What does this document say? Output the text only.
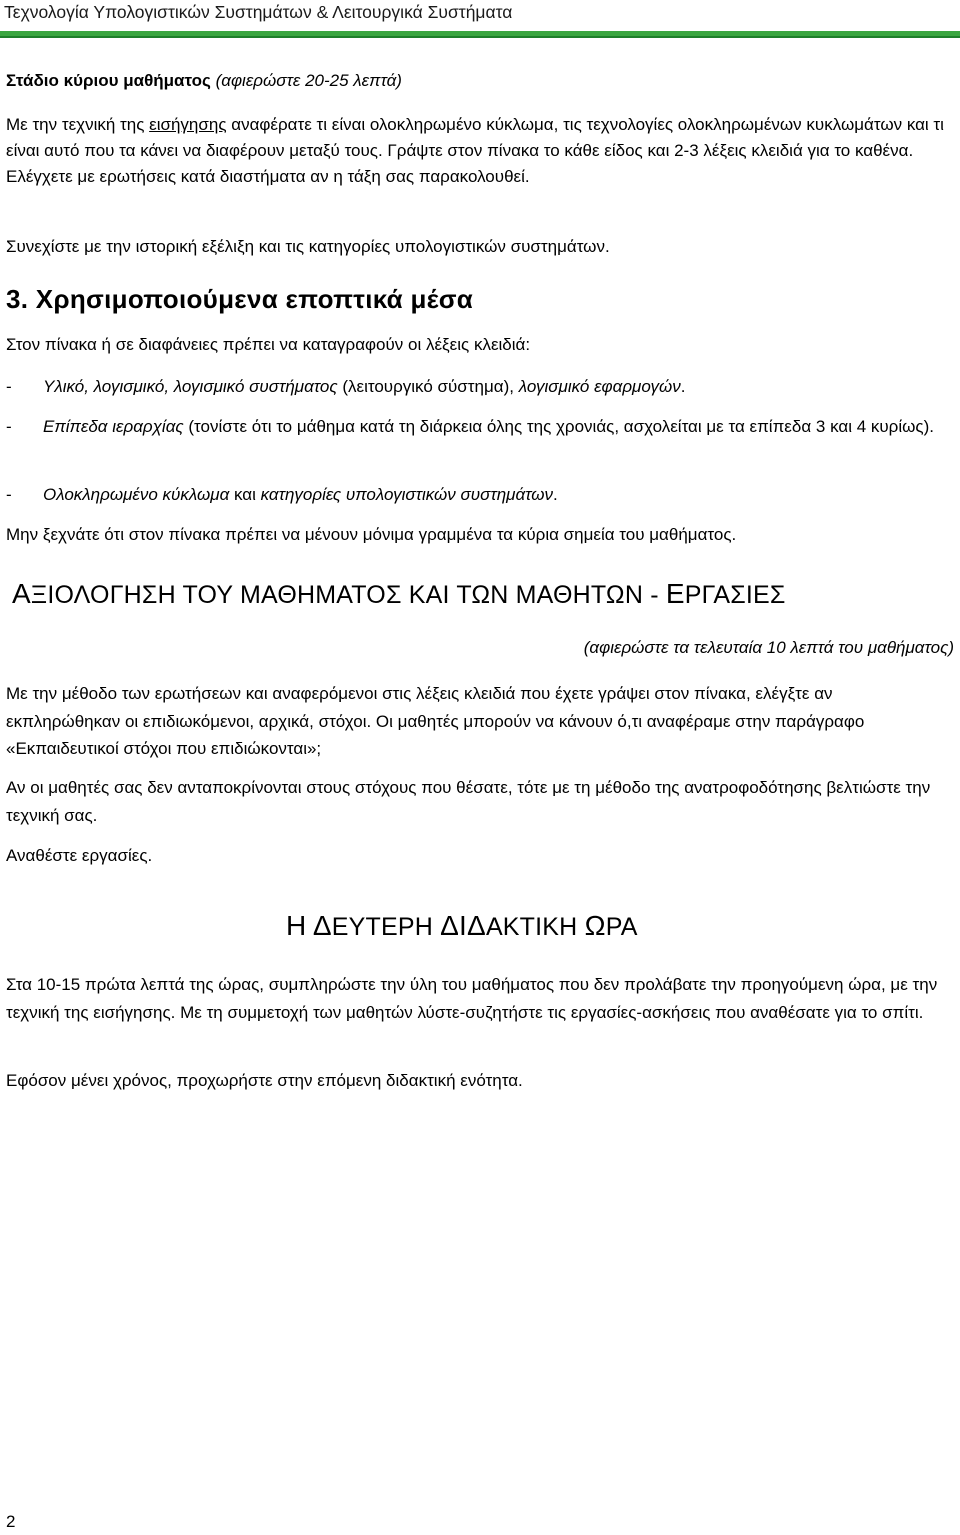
Τεχνολογία Υπολογιστικών Συστημάτων & Λειτουργικά Συστήματα
Στάδιο κύριου μαθήματος (αφιερώστε 20-25 λεπτά)
Με την τεχνική της εισήγησης αναφέρατε τι είναι ολοκληρωμένο κύκλωμα, τις τεχνολογίες ολοκληρωμένων κυκλωμάτων και τι είναι αυτό που τα κάνει να διαφέρουν μεταξύ τους. Γράψτε στον πίνακα το κάθε είδος και 2-3 λέξεις κλειδιά για το καθένα. Ελέγχετε με ερωτήσεις κατά διαστήματα αν η τάξη σας παρακολουθεί.
Συνεχίστε με την ιστορική εξέλιξη και τις κατηγορίες υπολογιστικών συστημάτων.
3. Χρησιμοποιούμενα εποπτικά μέσα
Στον πίνακα ή σε διαφάνειες πρέπει να καταγραφούν οι λέξεις κλειδιά:
- Υλικό, λογισμικό, λογισμικό συστήματος (λειτουργικό σύστημα), λογισμικό εφαρμογών.
- Επίπεδα ιεραρχίας (τονίστε ότι το μάθημα κατά τη διάρκεια όλης της χρονιάς, ασχολείται με τα επίπεδα 3 και 4 κυρίως).
- Ολοκληρωμένο κύκλωμα και κατηγορίες υπολογιστικών συστημάτων.
Μην ξεχνάτε ότι στον πίνακα πρέπει να μένουν μόνιμα γραμμένα τα κύρια σημεία του μαθήματος.
ΑΞΙΟΛΟΓΗΣΗ ΤΟΥ ΜΑΘΗΜΑΤΟΣ ΚΑΙ ΤΩΝ ΜΑΘΗΤΩΝ - ΕΡΓΑΣΙΕΣ
(αφιερώστε τα τελευταία 10 λεπτά του μαθήματος)
Με την μέθοδο των ερωτήσεων και αναφερόμενοι στις λέξεις κλειδιά που έχετε γράψει στον πίνακα, ελέγξτε αν εκπληρώθηκαν οι επιδιωκόμενοι, αρχικά, στόχοι. Οι μαθητές μπορούν να κάνουν ό,τι αναφέραμε στην παράγραφο «Εκπαιδευτικοί στόχοι που επιδιώκονται»;
Αν οι μαθητές σας δεν ανταποκρίνονται στους στόχους που θέσατε, τότε με τη μέθοδο της ανατροφοδότησης βελτιώστε την τεχνική σας.
Αναθέστε εργασίες.
Η ΔΕΥΤΕΡΗ ΔΙΔΑΚΤΙΚΗ ΩΡΑ
Στα 10-15 πρώτα λεπτά της ώρας, συμπληρώστε την ύλη του μαθήματος που δεν προλάβατε την προηγούμενη ώρα, με την τεχνική της εισήγησης. Με τη συμμετοχή των μαθητών λύστε-συζητήστε τις εργασίες-ασκήσεις που αναθέσατε για το σπίτι.
Εφόσον μένει χρόνος, προχωρήστε στην επόμενη διδακτική ενότητα.
2
